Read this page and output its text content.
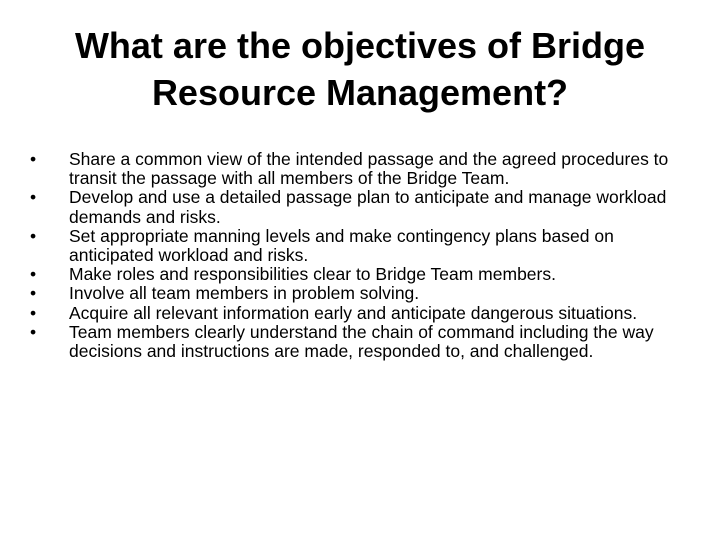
What are the objectives of Bridge
Resource Management?
•	Share a common view of the intended passage and the agreed procedures to transit the passage with all members of the Bridge Team.
•	Develop and use a detailed passage plan to anticipate and manage workload demands and risks.
•	Set appropriate manning levels and make contingency plans based on anticipated workload and risks.
•	Make roles and responsibilities clear to Bridge Team members.
•	Involve all team members in problem solving.
•	Acquire all relevant information early and anticipate dangerous situations.
•	Team members clearly understand the chain of command including the way decisions and instructions are made, responded to, and challenged.
